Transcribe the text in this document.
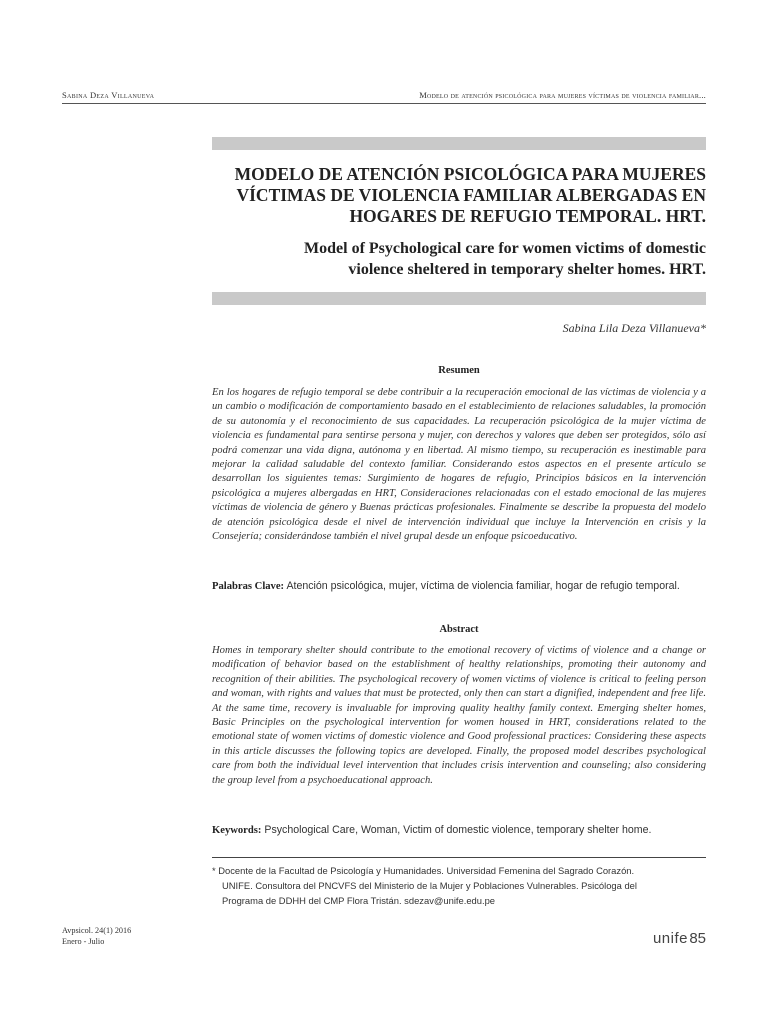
Sabina Deza Villanueva	Modelo de atención psicológica para mujeres víctimas de violencia familiar...
MODELO DE ATENCIÓN PSICOLÓGICA PARA MUJERES
VÍCTIMAS DE VIOLENCIA FAMILIAR ALBERGADAS EN
HOGARES DE REFUGIO TEMPORAL. HRT.
Model of Psychological care for women victims of domestic
violence sheltered in temporary shelter homes. HRT.
Sabina Lila Deza Villanueva*
Resumen
En los hogares de refugio temporal se debe contribuir a la recuperación emocional de las víctimas de violencia y a un cambio o modificación de comportamiento basado en el establecimiento de relaciones saludables, la promoción de su autonomía y el reconocimiento de sus capacidades. La recuperación psicológica de la mujer víctima de violencia es fundamental para sentirse persona y mujer, con derechos y valores que deben ser protegidos, sólo así podrá comenzar una vida digna, autónoma y en libertad. Al mismo tiempo, su recuperación es inestimable para mejorar la calidad saludable del contexto familiar. Considerando estos aspectos en el presente artículo se desarrollan los siguientes temas: Surgimiento de hogares de refugio, Principios básicos en la intervención psicológica a mujeres albergadas en HRT, Consideraciones relacionadas con el estado emocional de las mujeres víctimas de violencia de género y Buenas prácticas profesionales. Finalmente se describe la propuesta del modelo de atención psicológica desde el nivel de intervención individual que incluye la Intervención en crisis y la Consejería; considerándose también el nivel grupal desde un enfoque psicoeducativo.
Palabras Clave: Atención psicológica, mujer, víctima de violencia familiar, hogar de refugio temporal.
Abstract
Homes in temporary shelter should contribute to the emotional recovery of victims of violence and a change or modification of behavior based on the establishment of healthy relationships, promoting their autonomy and recognition of their abilities. The psychological recovery of women victims of violence is critical to feeling person and woman, with rights and values that must be protected, only then can start a dignified, independent and free life. At the same time, recovery is invaluable for improving quality healthy family context. Emerging shelter homes, Basic Principles on the psychological intervention for women housed in HRT, considerations related to the emotional state of women victims of domestic violence and Good professional practices: Considering these aspects in this article discusses the following topics are developed. Finally, the proposed model describes psychological care from both the individual level intervention that includes crisis intervention and counseling; also considering the group level from a psychoeducational approach.
Keywords: Psychological Care, Woman, Victim of domestic violence, temporary shelter home.
* Docente de la Facultad de Psicología y Humanidades. Universidad Femenina del Sagrado Corazón.
UNIFE. Consultora del PNCVFS del Ministerio de la Mujer y Poblaciones Vulnerables. Psicóloga del
Programa de DDHH del CMP Flora Tristán. sdezav@unife.edu.pe
Avpsicol. 24(1) 2016
Enero - Julio	unife 85
